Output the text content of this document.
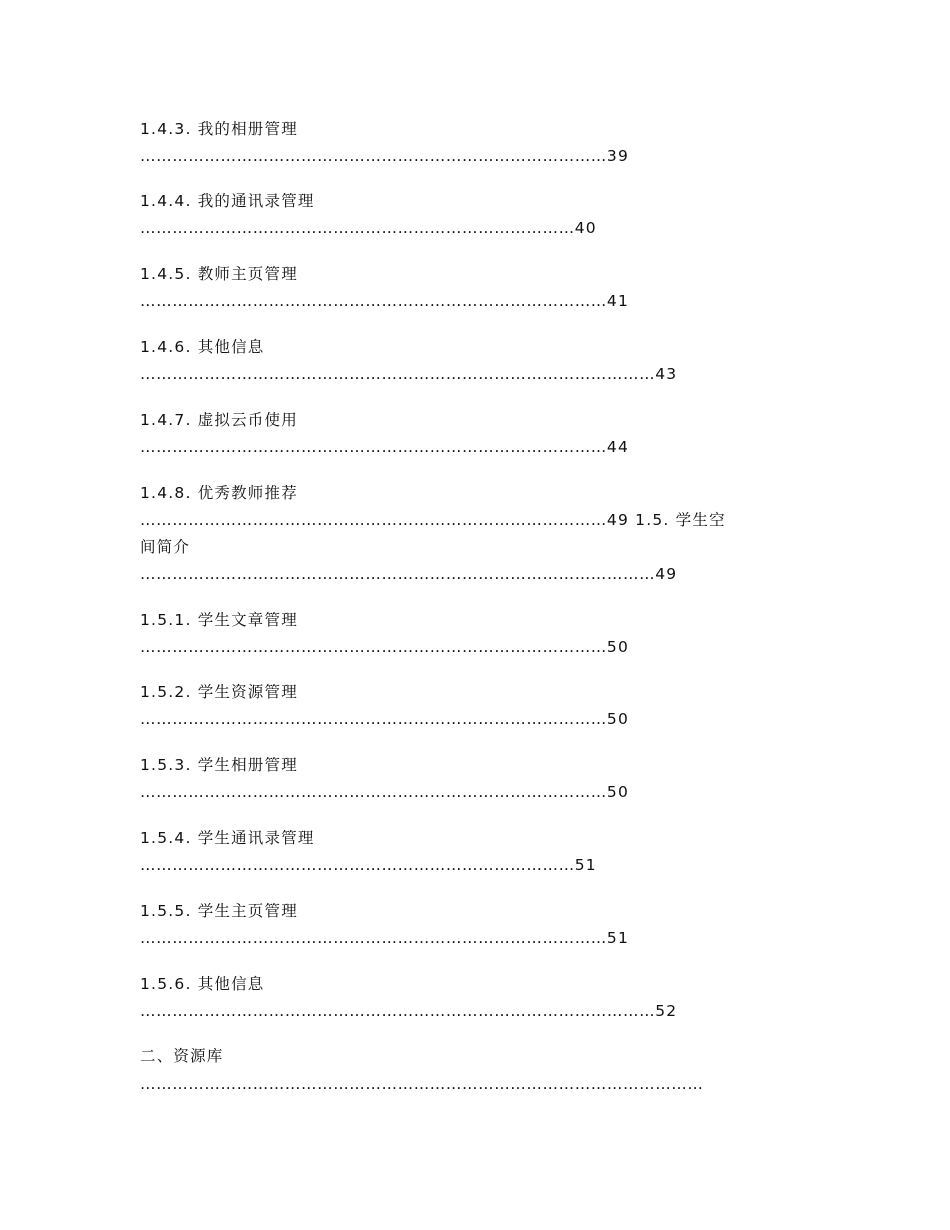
1.4.3. 我的相册管理
……………………………………………………………………………39
1.4.4. 我的通讯录管理
………………………………………………………………………40
1.4.5. 教师主页管理
……………………………………………………………………………41
1.4.6. 其他信息
……………………………………………………………………………………43
1.4.7. 虚拟云币使用
……………………………………………………………………………44
1.4.8. 优秀教师推荐
……………………………………………………………………………49 1.5. 学生空
间简介
……………………………………………………………………………………49
1.5.1. 学生文章管理
……………………………………………………………………………50
1.5.2. 学生资源管理
……………………………………………………………………………50
1.5.3. 学生相册管理
……………………………………………………………………………50
1.5.4. 学生通讯录管理
………………………………………………………………………51
1.5.5. 学生主页管理
……………………………………………………………………………51
1.5.6. 其他信息
……………………………………………………………………………………52
二、资源库
……………………………………………………………………………………………
